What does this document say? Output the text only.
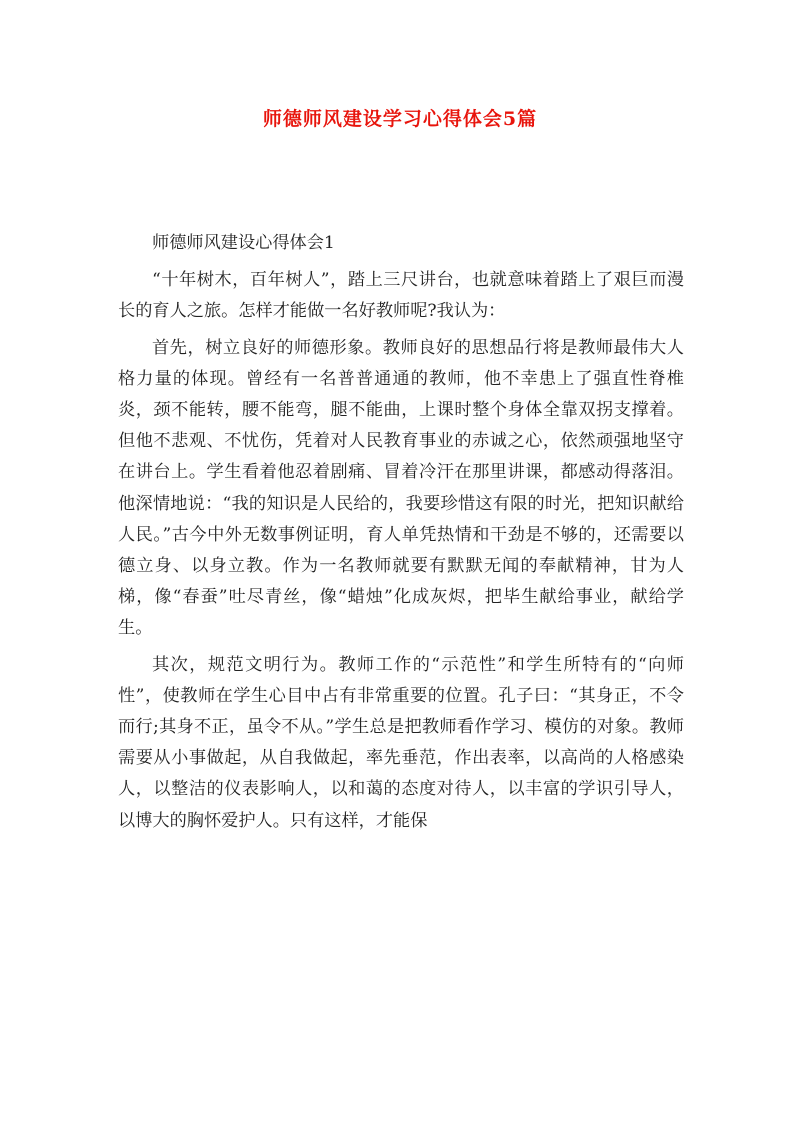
师德师风建设学习心得体会5篇
师德师风建设心得体会1

“十年树木，百年树人”，踏上三尺讲台，也就意味着踏上了艰巨而漫长的育人之旅。怎样才能做一名好教师呢?我认为：

首先，树立良好的师德形象。教师良好的思想品行将是教师最伟大人格力量的体现。曾经有一名普普通通的教师，他不幸患上了强直性脊椎炎，颈不能转，腰不能弯，腿不能曲，上课时整个身体全靠双拐支撑着。但他不悲观、不忧伤，凭着对人民教育事业的赤诚之心，依然顽强地坚守在讲台上。学生看着他忍着剧痛、冒着冷汗在那里讲课，都感动得落泪。他深情地说：“我的知识是人民给的，我要珍惜这有限的时光，把知识献给人民。”古今中外无数事例证明，育人单凭热情和干劲是不够的，还需要以德立身、以身立教。作为一名教师就要有默默无闻的奉献精神，甘为人梯，像“春蚕”吐尽青丝，像“蜡烛”化成灰烬，把毕生献给事业，献给学生。

其次，规范文明行为。教师工作的“示范性”和学生所特有的“向师性”，使教师在学生心目中占有非常重要的位置。孔子曰：“其身正，不令而行;其身不正，虽令不从。”学生总是把教师看作学习、模仿的对象。教师需要从小事做起，从自我做起，率先垂范，作出表率，以高尚的人格感染人，以整洁的仪表影响人，以和蔼的态度对待人，以丰富的学识引导人，以博大的胸怀爱护人。只有这样，才能保
